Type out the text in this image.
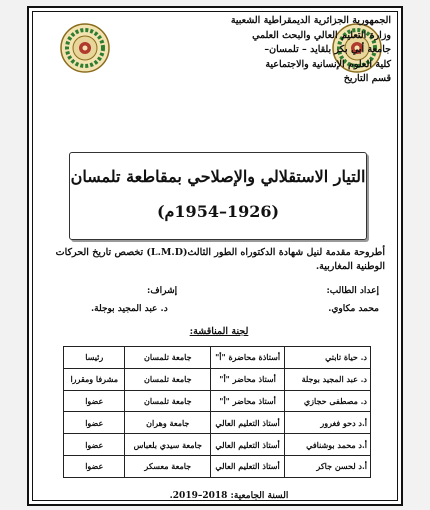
الجمهورية الجزائرية الديمقراطية الشعبية
وزارة التعليم العالي والبحث العلمي
جامعة أبي بكر بلقايد – تلمسان–
كلية العلوم الإنسانية والاجتماعية
قسم التاريخ
التيار الاستقلالي والإصلاحي بمقاطعة تلمسان
(1926–1954م)
أطروحة مقدمة لنيل شهادة الدكتوراه الطور الثالث(L.M.D) تخصص تاريخ الحركات الوطنية المغاربية.
إعداد الطالب:
محمد مكاوي.
إشراف:
د. عبد المجيد بوجلة.
لجنة المناقشة:
د. حياة تابتي	أستاذة محاضرة "أ"	جامعة تلمسان	رئيسا
د. عبد المجيد بوجلة	أستاذ محاضر "أ"	جامعة تلمسان	مشرفا ومقررا
د. مصطفى حجازي	أستاذ محاضر "أ"	جامعة تلمسان	عضوا
أ.د دحو فغرور	أستاذ التعليم العالي	جامعة وهران	عضوا
أ.د محمد بوشنافي	أستاذ التعليم العالي	جامعة سيدي بلعباس	عضوا
أ.د لحسن جاكر	أستاذ التعليم العالي	جامعة معسكر	عضوا
السنة الجامعية: 2018–2019.
